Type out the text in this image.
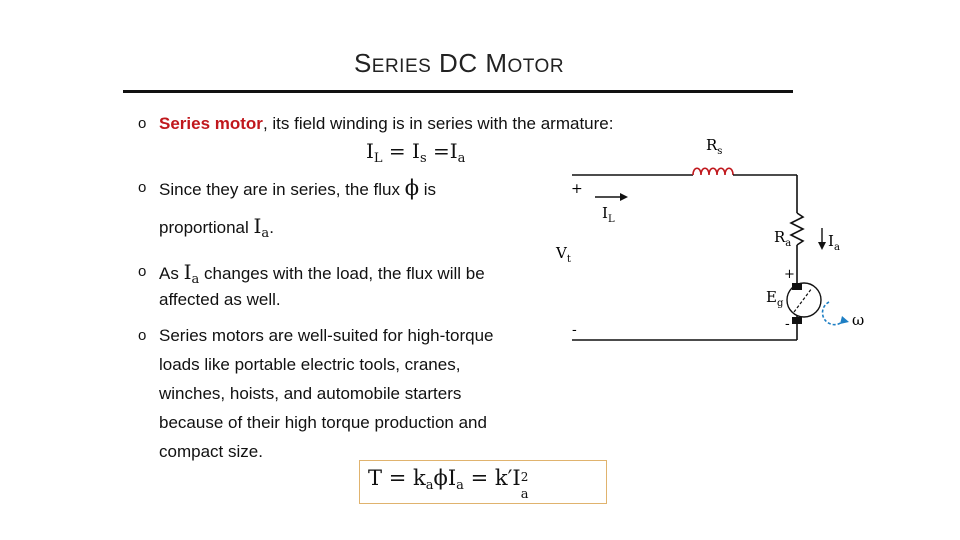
SERIES DC MOTOR
o Series motor, its field winding is in series with the armature:
$I_L = I_s =I_a$
o Since they are in series, the flux ϕ is
proportional $I_a$.
o As $I_a$ changes with the load, the flux will be
affected as well.
o Series motors are well-suited for high-torque
loads like portable electric tools, cranes,
winches, hoists, and automobile starters
because of their high torque production and
compact size.
$T = k_a\phi I_a = k'I$ 2
a
$R_s$
$I_L$
$V_t$
$R_a$ $I_a$
$E_g$
ω
+
-
+
-
